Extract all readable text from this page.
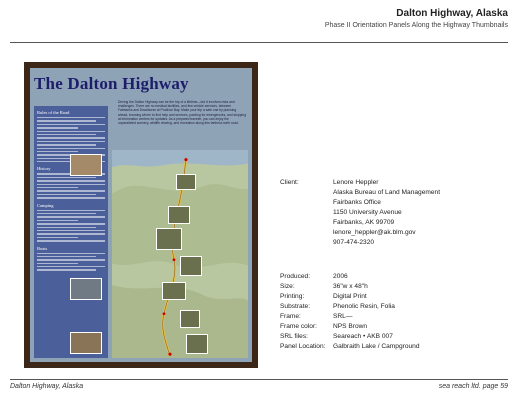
Dalton Highway, Alaska
Phase II Orientation Panels Along the Highway Thumbnails
The Dalton Highway
Driving the Dalton Highway can be the trip of a lifetime—but it involves risks and challenges. There are no medical facilities, and few vehicle services, between Fairbanks and Deadhorse at Prudhoe Bay. Make your trip a safe one by planning ahead, knowing where to find help and services, packing for emergencies, and stopping at information centers for updates. As a prepared traveler, you can enjoy the unparalleled scenery, wildlife viewing, and recreation along this farthest-north road.
Rules of the Road
History
Camping
Boats
Client:	Lenore Heppler
Alaska Bureau of Land Management
Fairbanks Office
1150 University Avenue
Fairbanks, AK 99709
lenore_heppler@ak.blm.gov
907-474-2320
Produced:	2006
Size:	36"w x 48"h
Printing:	Digital Print
Substrate:	Phenolic Resin, Folia
Frame:	SRL—
Frame color:	NPS Brown
SRL files:	Seareach • AKB 007
Panel Location:	Galbraith Lake / Campground
Dalton Highway, Alaska	sea reach ltd. page 59
